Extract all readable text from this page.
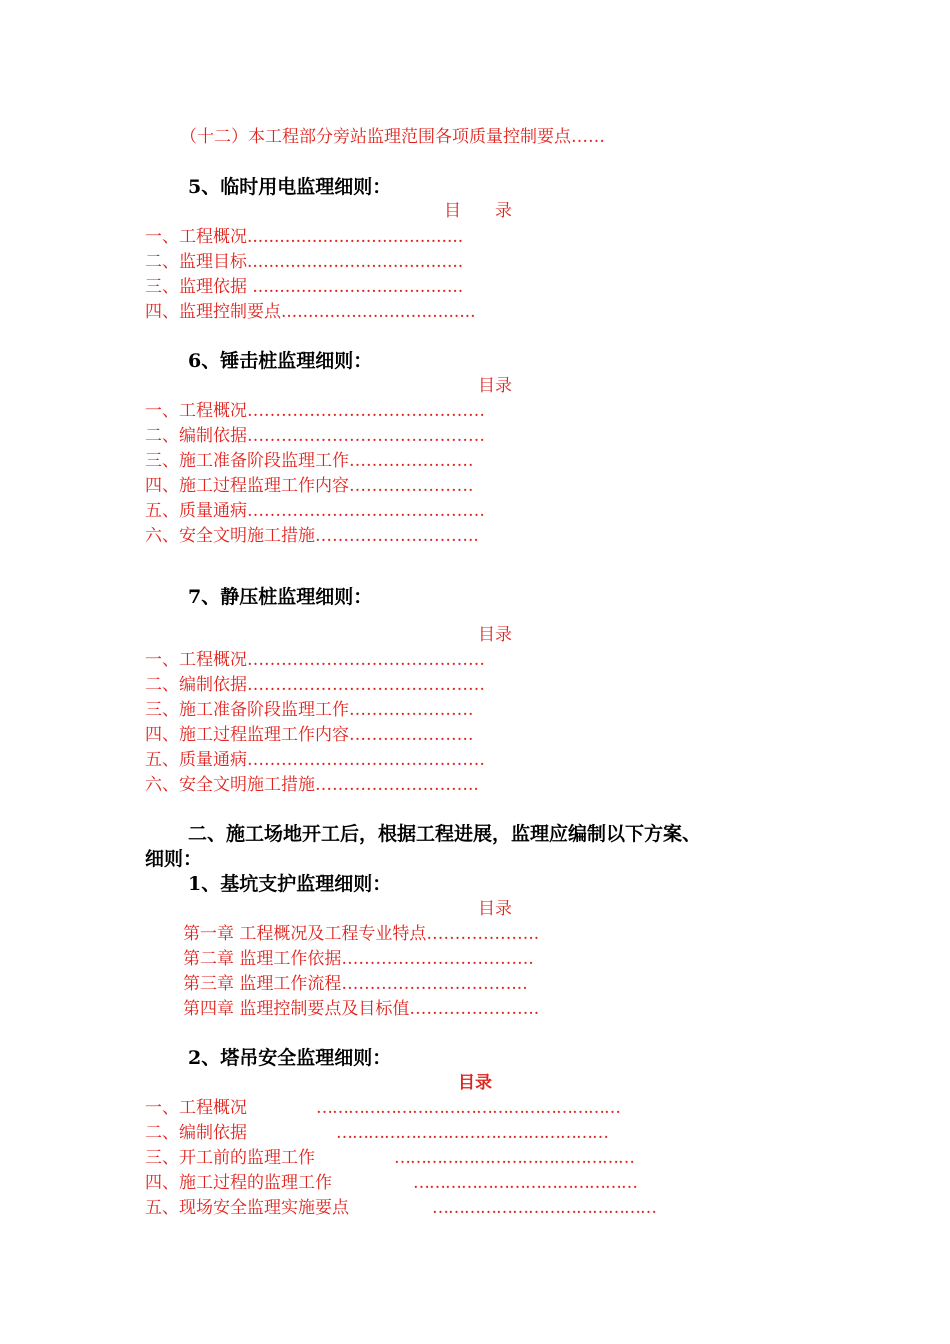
（十二）本工程部分旁站监理范围各项质量控制要点……
5、临时用电监理细则：
目　　录
一、工程概况........................................
二、监理目标........................................
三、监理依据 .......................................
四、监理控制要点....................................
6、锤击桩监理细则：
目录
一、工程概况……………………………………
二、编制依据……………………………………
三、施工准备阶段监理工作………………….
四、施工过程监理工作内容………………….
五、质量通病……………………………………
六、安全文明施工措施………………………..
7、静压桩监理细则：
目录
一、工程概况……………………………………
二、编制依据……………………………………
三、施工准备阶段监理工作………………….
四、施工过程监理工作内容………………….
五、质量通病……………………………………
六、安全文明施工措施………………………..
二、施工场地开工后，根据工程进展，监理应编制以下方案、
细则：
1、基坑支护监理细则：
目录
第一章 工程概况及工程专业特点………………..
第二章 监理工作依据…………………………….
第三章 监理工作流程…………………………...
第四章 监理控制要点及目标值…………………..
2、塔吊安全监理细则：
目录
一、工程概况	…………………………………………………
二、编制依据	……………………………………………
三、开工前的监理工作	………………………………………
四、施工过程的监理工作	……………………………………
五、现场安全监理实施要点	……………………………………
